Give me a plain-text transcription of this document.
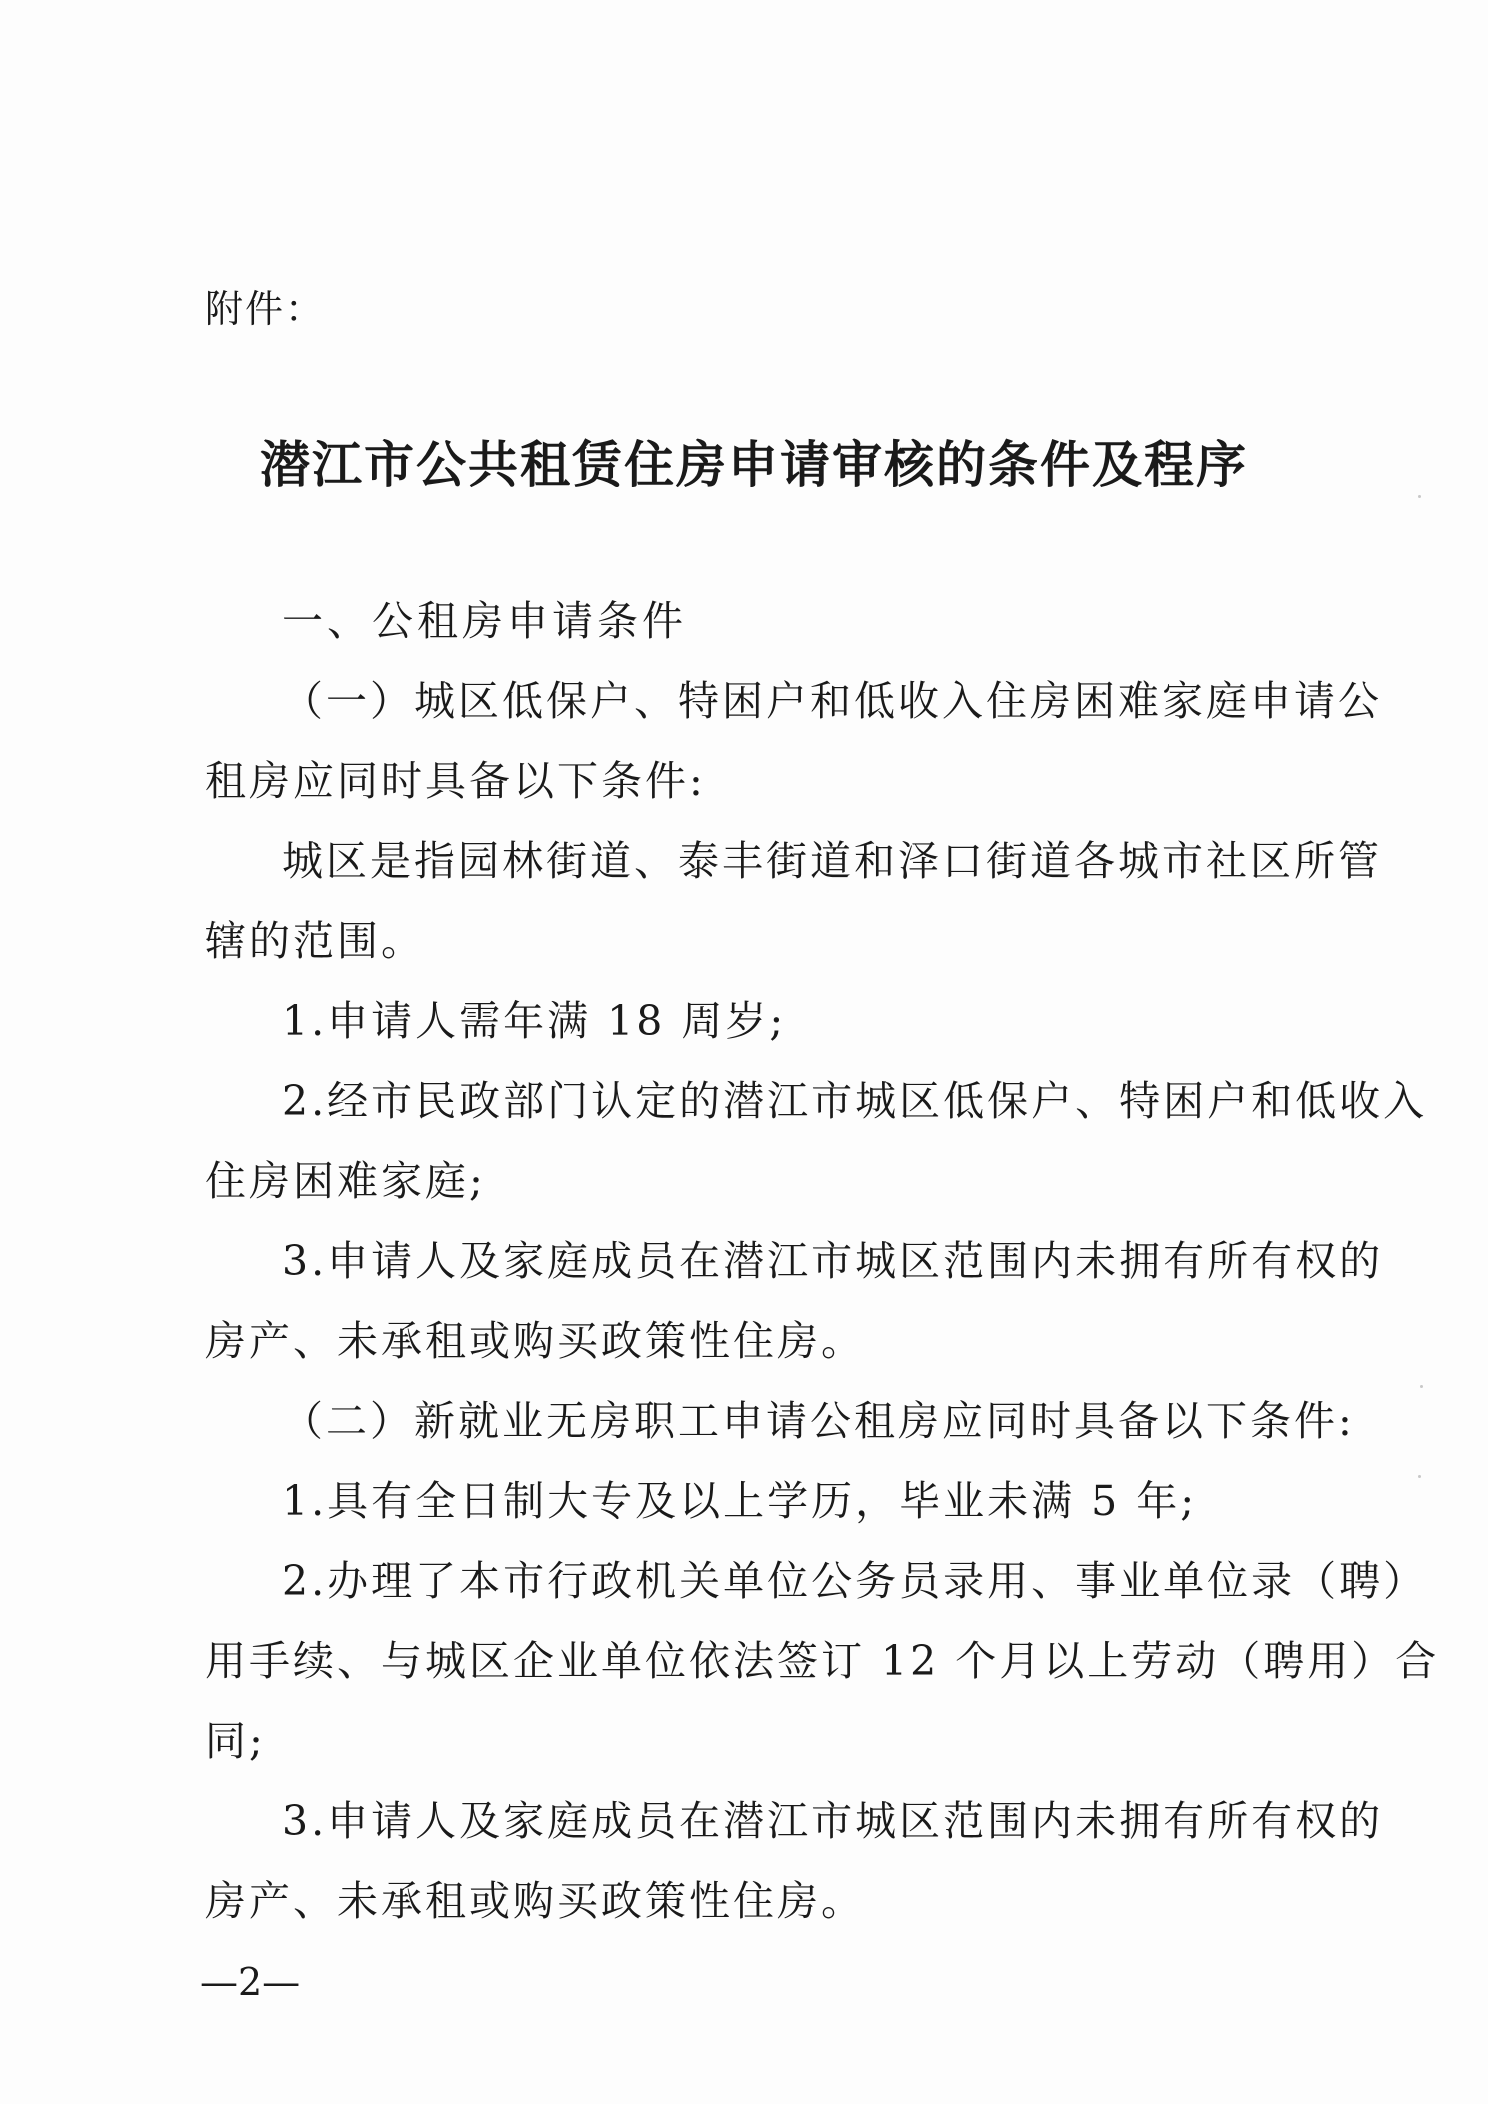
附件：
潜江市公共租赁住房申请审核的条件及程序
一、公租房申请条件
（一）城区低保户、特困户和低收入住房困难家庭申请公
租房应同时具备以下条件:
城区是指园林街道、泰丰街道和泽口街道各城市社区所管
辖的范围。
1.申请人需年满 18 周岁;
2.经市民政部门认定的潜江市城区低保户、特困户和低收入
住房困难家庭;
3.申请人及家庭成员在潜江市城区范围内未拥有所有权的
房产、未承租或购买政策性住房。
（二）新就业无房职工申请公租房应同时具备以下条件:
1.具有全日制大专及以上学历，毕业未满 5 年;
2.办理了本市行政机关单位公务员录用、事业单位录（聘）
用手续、与城区企业单位依法签订 12 个月以上劳动（聘用）合
同;
3.申请人及家庭成员在潜江市城区范围内未拥有所有权的
房产、未承租或购买政策性住房。
—2—
